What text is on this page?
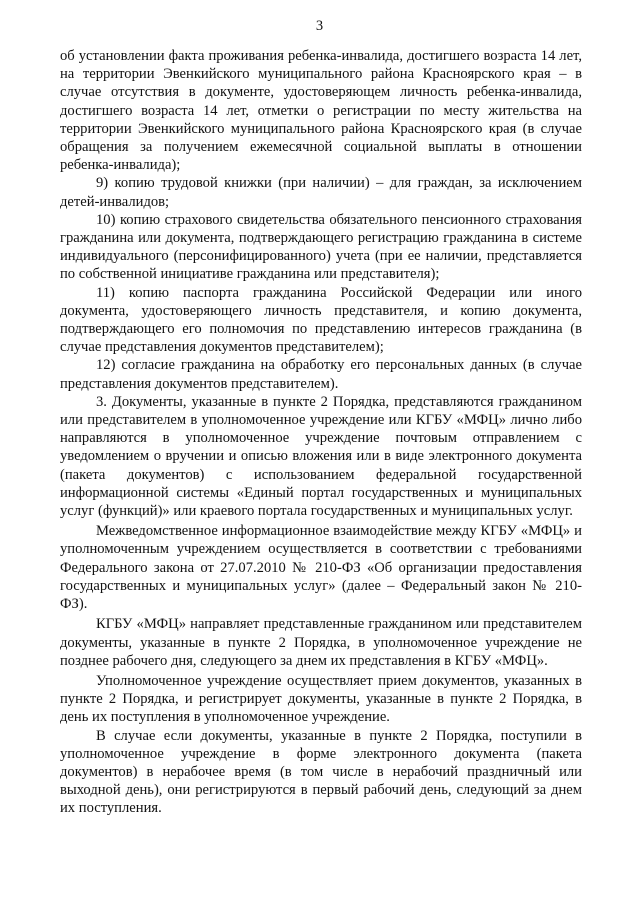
3

об установлении факта проживания ребенка-инвалида, достигшего возраста 14 лет, на территории Эвенкийского муниципального района Красноярского края – в случае отсутствия в документе, удостоверяющем личность ребенка-инвалида, достигшего возраста 14 лет, отметки о регистрации по месту жительства на территории Эвенкийского муниципального района Красноярского края (в случае обращения за получением ежемесячной социальной выплаты в отношении ребенка-инвалида);

9) копию трудовой книжки (при наличии) – для граждан, за исключением детей-инвалидов;

10) копию страхового свидетельства обязательного пенсионного страхования гражданина или документа, подтверждающего регистрацию гражданина в системе индивидуального (персонифицированного) учета (при ее наличии, представляется по собственной инициативе гражданина или представителя);

11) копию паспорта гражданина Российской Федерации или иного документа, удостоверяющего личность представителя, и копию документа, подтверждающего его полномочия по представлению интересов гражданина (в случае представления документов представителем);

12) согласие гражданина на обработку его персональных данных (в случае представления документов представителем).

3. Документы, указанные в пункте 2 Порядка, представляются гражданином или представителем в уполномоченное учреждение или КГБУ «МФЦ» лично либо направляются в уполномоченное учреждение почтовым отправлением с уведомлением о вручении и описью вложения или в виде электронного документа (пакета документов) с использованием федеральной государственной информационной системы «Единый портал государственных и муниципальных услуг (функций)» или краевого портала государственных и муниципальных услуг.

Межведомственное информационное взаимодействие между КГБУ «МФЦ» и уполномоченным учреждением осуществляется в соответствии с требованиями Федерального закона от 27.07.2010 № 210-ФЗ «Об организации предоставления государственных и муниципальных услуг» (далее – Федеральный закон № 210-ФЗ).

КГБУ «МФЦ» направляет представленные гражданином или представителем документы, указанные в пункте 2 Порядка, в уполномоченное учреждение не позднее рабочего дня, следующего за днем их представления в КГБУ «МФЦ».

Уполномоченное учреждение осуществляет прием документов, указанных в пункте 2 Порядка, и регистрирует документы, указанные в пункте 2 Порядка, в день их поступления в уполномоченное учреждение.

В случае если документы, указанные в пункте 2 Порядка, поступили в уполномоченное учреждение в форме электронного документа (пакета документов) в нерабочее время (в том числе в нерабочий праздничный или выходной день), они регистрируются в первый рабочий день, следующий за днем их поступления.
